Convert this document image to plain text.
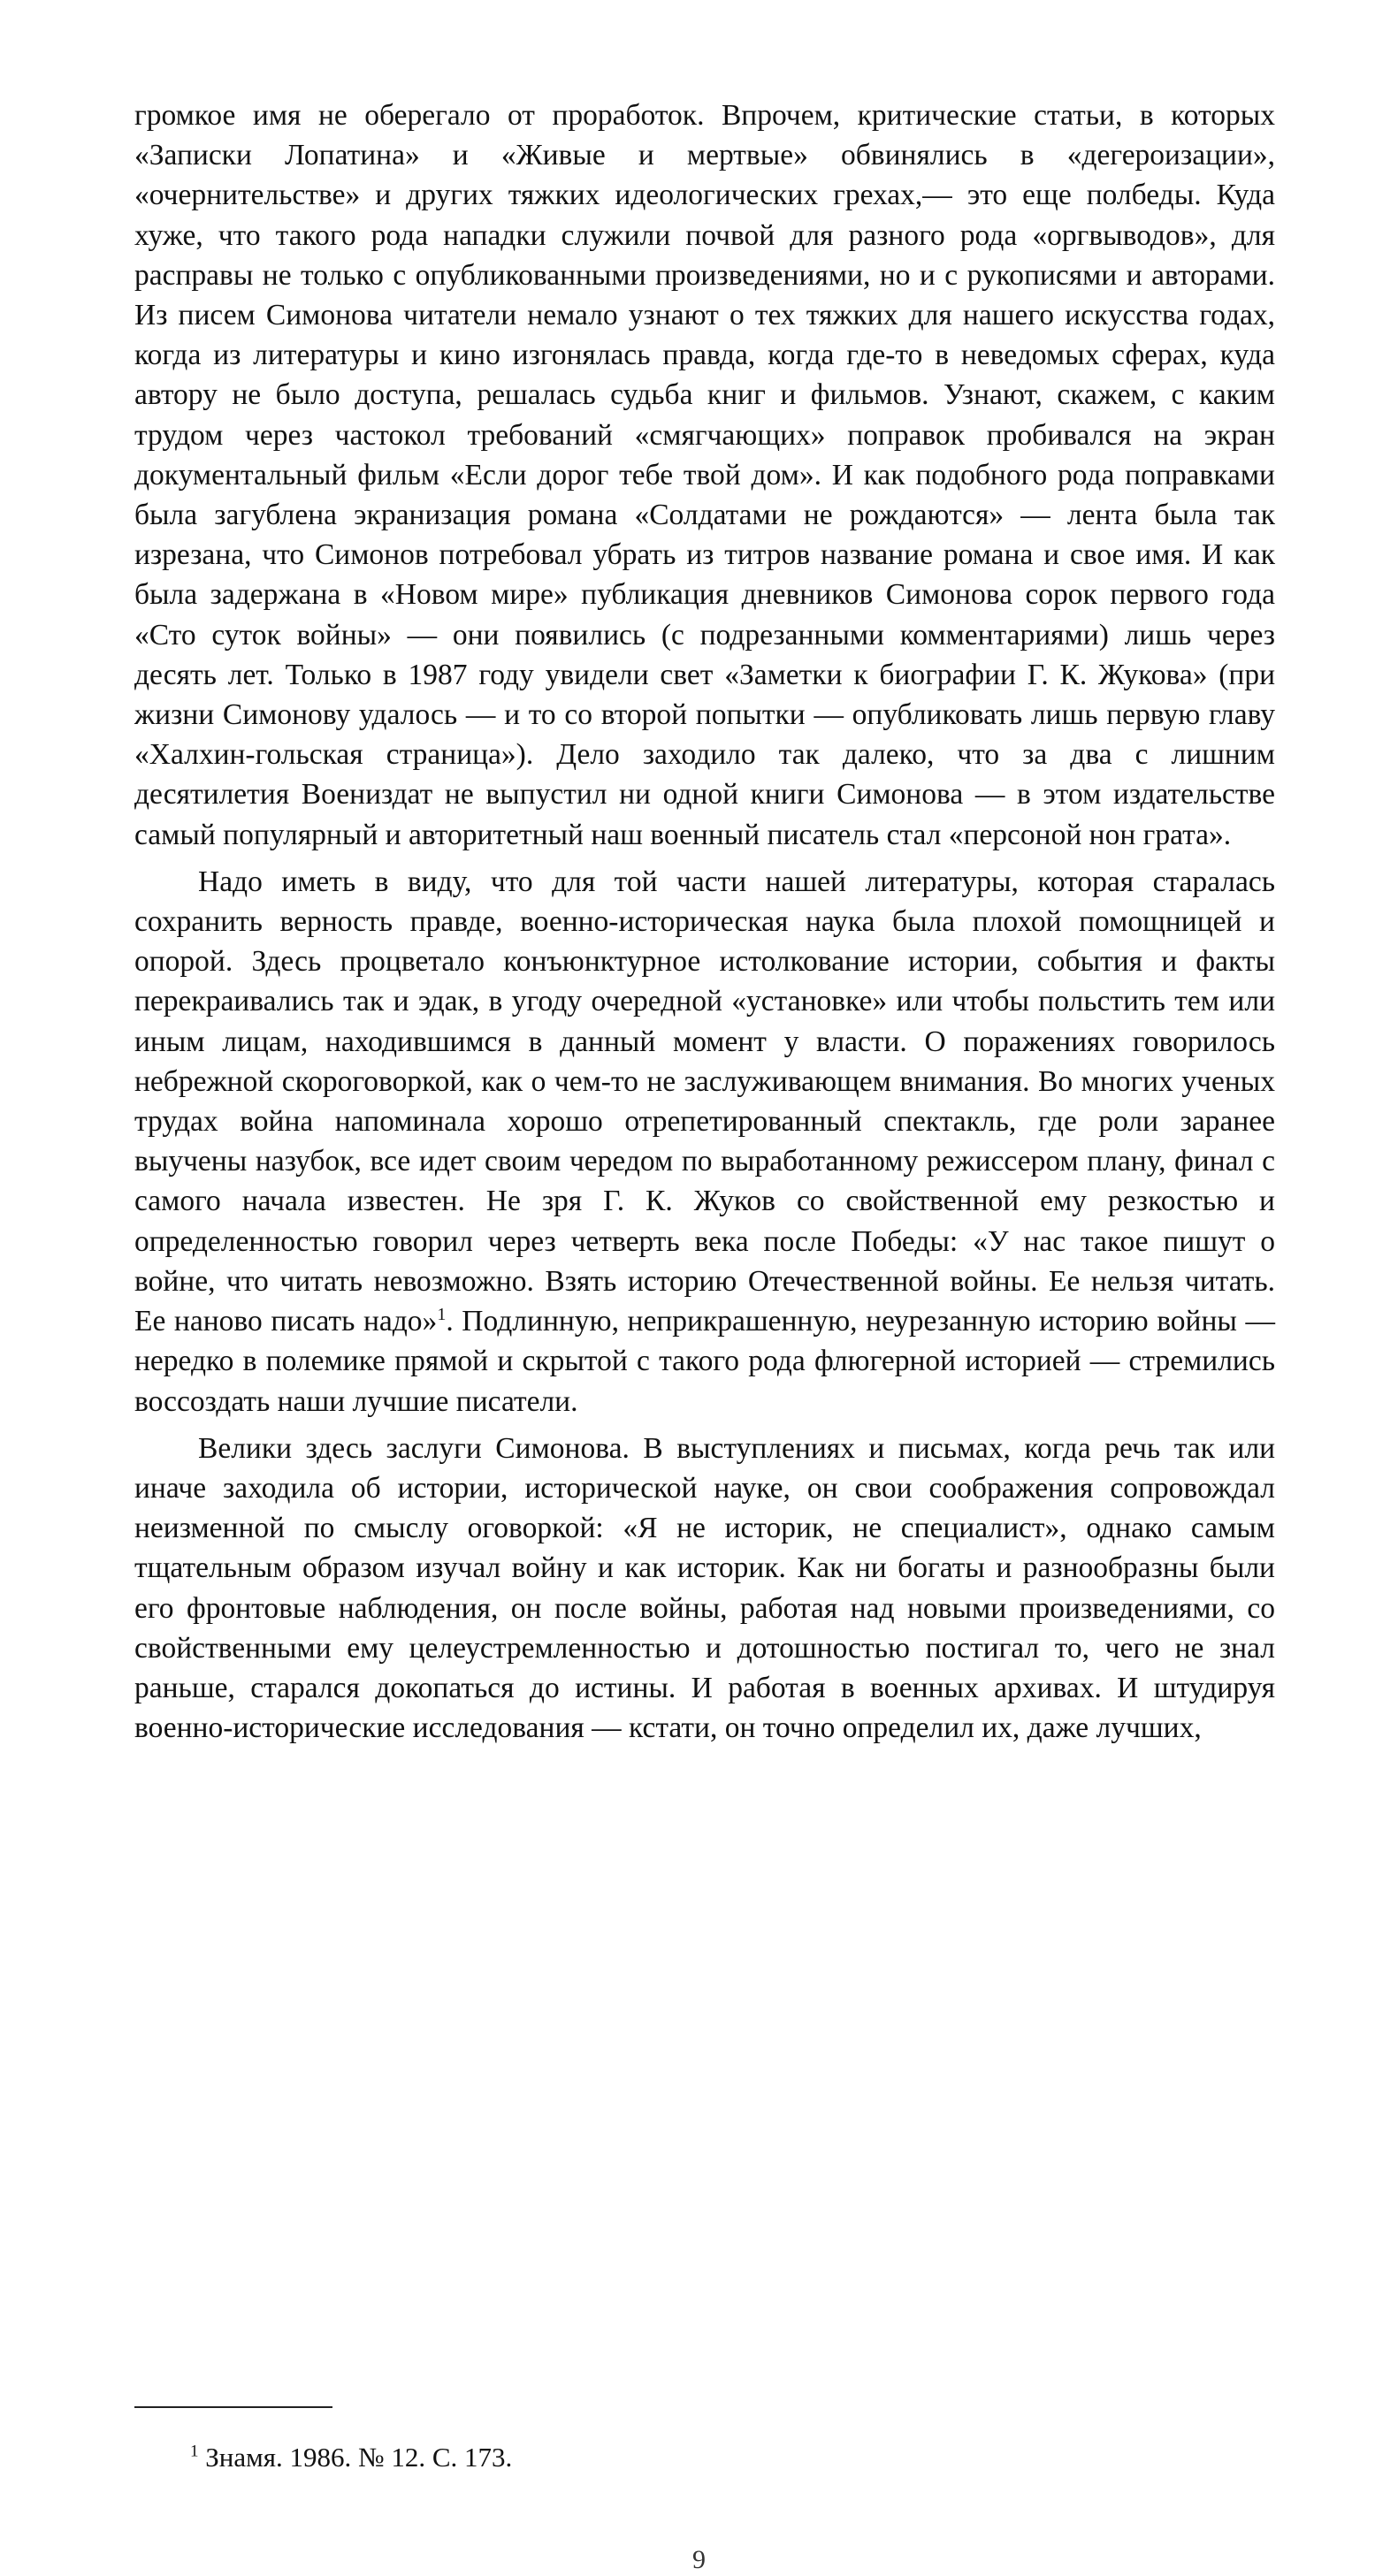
громкое имя не оберегало от проработок. Впрочем, критические статьи, в которых «Записки Лопатина» и «Живые и мертвые» обвинялись в «дегероизации», «очернительстве» и других тяжких идеологических грехах,— это еще полбеды. Куда хуже, что такого рода нападки служили почвой для разного рода «оргвыводов», для расправы не только с опубликованными произведениями, но и с рукописями и авторами. Из писем Симонова читатели немало узнают о тех тяжких для нашего искусства годах, когда из литературы и кино изгонялась правда, когда где-то в неведомых сферах, куда автору не было доступа, решалась судьба книг и фильмов. Узнают, скажем, с каким трудом через частокол требований «смягчающих» поправок пробивался на экран документальный фильм «Если дорог тебе твой дом». И как подобного рода поправками была загублена экранизация романа «Солдатами не рождаются» — лента была так изрезана, что Симонов потребовал убрать из титров название романа и свое имя. И как была задержана в «Новом мире» публикация дневников Симонова сорок первого года «Сто суток войны» — они появились (с подрезанными комментариями) лишь через десять лет. Только в 1987 году увидели свет «Заметки к биографии Г. К. Жукова» (при жизни Симонову удалось — и то со второй попытки — опубликовать лишь первую главу «Халхин-гольская страница»). Дело заходило так далеко, что за два с лишним десятилетия Воениздат не выпустил ни одной книги Симонова — в этом издательстве самый популярный и авторитетный наш военный писатель стал «персоной нон грата».

Надо иметь в виду, что для той части нашей литературы, которая старалась сохранить верность правде, военно-историческая наука была плохой помощницей и опорой. Здесь процветало конъюнктурное истолкование истории, события и факты перекраивались так и эдак, в угоду очередной «установке» или чтобы польстить тем или иным лицам, находившимся в данный момент у власти. О поражениях говорилось небрежной скороговоркой, как о чем-то не заслуживающем внимания. Во многих ученых трудах война напоминала хорошо отрепетированный спектакль, где роли заранее выучены назубок, все идет своим чередом по выработанному режиссером плану, финал с самого начала известен. Не зря Г. К. Жуков со свойственной ему резкостью и определенностью говорил через четверть века после Победы: «У нас такое пишут о войне, что читать невозможно. Взять историю Отечественной войны. Ее нельзя читать. Ее наново писать надо»$^1$. Подлинную, неприкрашенную, неурезанную историю войны — нередко в полемике прямой и скрытой с такого рода флюгерной историей — стремились воссоздать наши лучшие писатели.

Велики здесь заслуги Симонова. В выступлениях и письмах, когда речь так или иначе заходила об истории, исторической науке, он свои соображения сопровождал неизменной по смыслу оговоркой: «Я не историк, не специалист», однако самым тщательным образом изучал войну и как историк. Как ни богаты и разнообразны были его фронтовые наблюдения, он после войны, работая над новыми произведениями, со свойственными ему целеустремленностью и дотошностью постигал то, чего не знал раньше, старался докопаться до истины. И работая в военных архивах. И штудируя военно-исторические исследования — кстати, он точно определил их, даже лучших,

$^1$ Знамя. 1986. № 12. С. 173.
9
